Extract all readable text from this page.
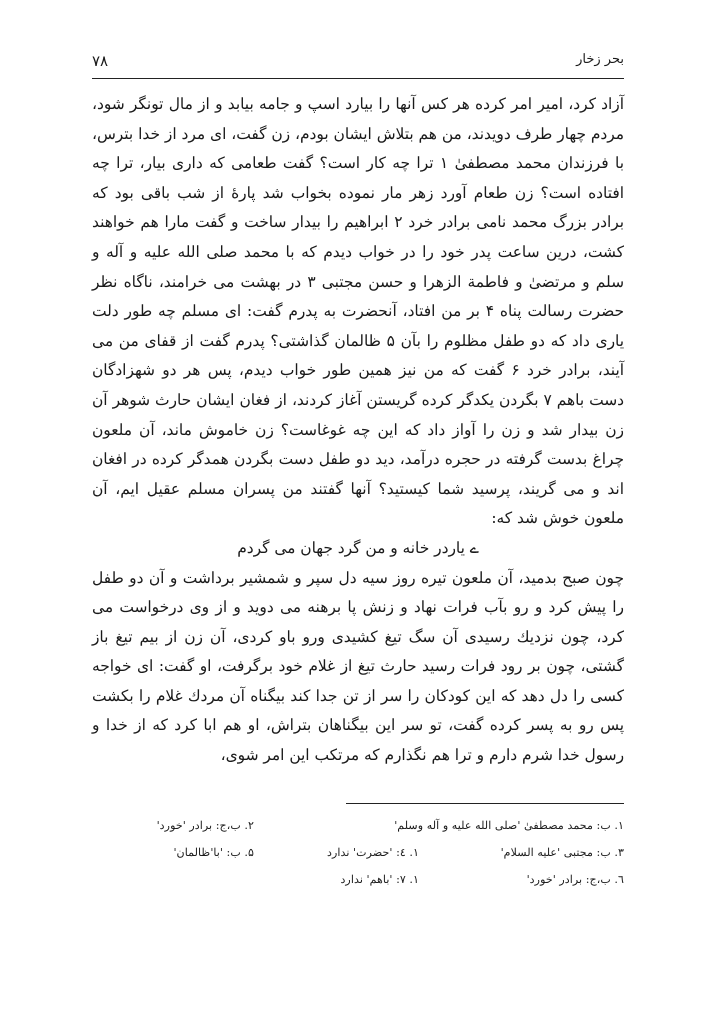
۷۸	بحر زخار

آزاد کرد، امیر امر کرده هر کس آنها را بیارد اسپ و جامه بیابد و از مال تونگر شود، مردم چهار طرف دویدند، من هم بتلاش ایشان بودم، زن گفت، ای مرد از خدا بترس، با فرزندان محمد مصطفیٰ ۱ ترا چه کار است؟ گفت طعامی که داری بیار، ترا چه افتاده است؟ زن طعام آورد زهر مار نموده بخواب شد پارهٔ از شب باقی بود که برادر بزرگ محمد نامی برادر خرد ۲ ابراهیم را بیدار ساخت و گفت مارا هم خواهند کشت، درین ساعت پدر خود را در خواب دیدم که با محمد صلی الله علیه و آله و سلم و مرتضیٰ و فاطمة الزهرا و حسن مجتبی ۳ در بهشت می خرامند، ناگاه نظر حضرت رسالت پناه ۴ بر من افتاد، آنحضرت به پدرم گفت: ای مسلم چه طور دلت یاری داد که دو طفل مظلوم را بآن ۵ ظالمان گذاشتی؟ پدرم گفت از قفای من می آیند، برادر خرد ۶ گفت که من نیز همین طور خواب دیدم، پس هر دو شهزادگان دست باهم ۷ بگردن یکدگر کرده گریستن آغاز کردند، از فغان ایشان حارث شوهر آن زن بیدار شد و زن را آواز داد که این چه غوغاست؟ زن خاموش ماند، آن ملعون چراغ بدست گرفته در حجره درآمد، دید دو طفل دست بگردن همدگر کرده در افغان اند و می گریند، پرسید شما کیستید؟ آنها گفتند من پسران مسلم عقیل ایم، آن ملعون خوش شد که:

ے یاردر خانه و من گرد جهان می گردم

چون صبح بدمید، آن ملعون تیره روز سیه دل سپر و شمشیر برداشت و آن دو طفل را پیش کرد و رو بآب فرات نهاد و زنش پا برهنه می دوید و از وی درخواست می کرد، چون نزدیك رسیدی آن سگ تیغ کشیدی ورو باو کردی، آن زن از بیم تیغ باز گشتی، چون بر رود فرات رسید حارث تیغ از غلام خود برگرفت، او گفت: ای خواجه کسی را دل دهد که این کودکان را سر از تن جدا کند بیگناه آن مردك غلام را بکشت پس رو به پسر کرده گفت، تو سر این بیگناهان بتراش، او هم ابا کرد که از خدا و رسول خدا شرم دارم و ترا هم نگذارم که مرتکب این امر شوی،

۱. ب: محمد مصطفیٰ 'صلی الله علیه و آله وسلم'
۲. ب،ج: برادر 'خورد'
۳. ب: مجتبی 'علیه السلام'
۱. ٤: 'حضرت' ندارد
۵. ب: 'با'ظالمان'
٦. ب،ج: برادر 'خورد'
۱. ۷: 'باهم' ندارد
